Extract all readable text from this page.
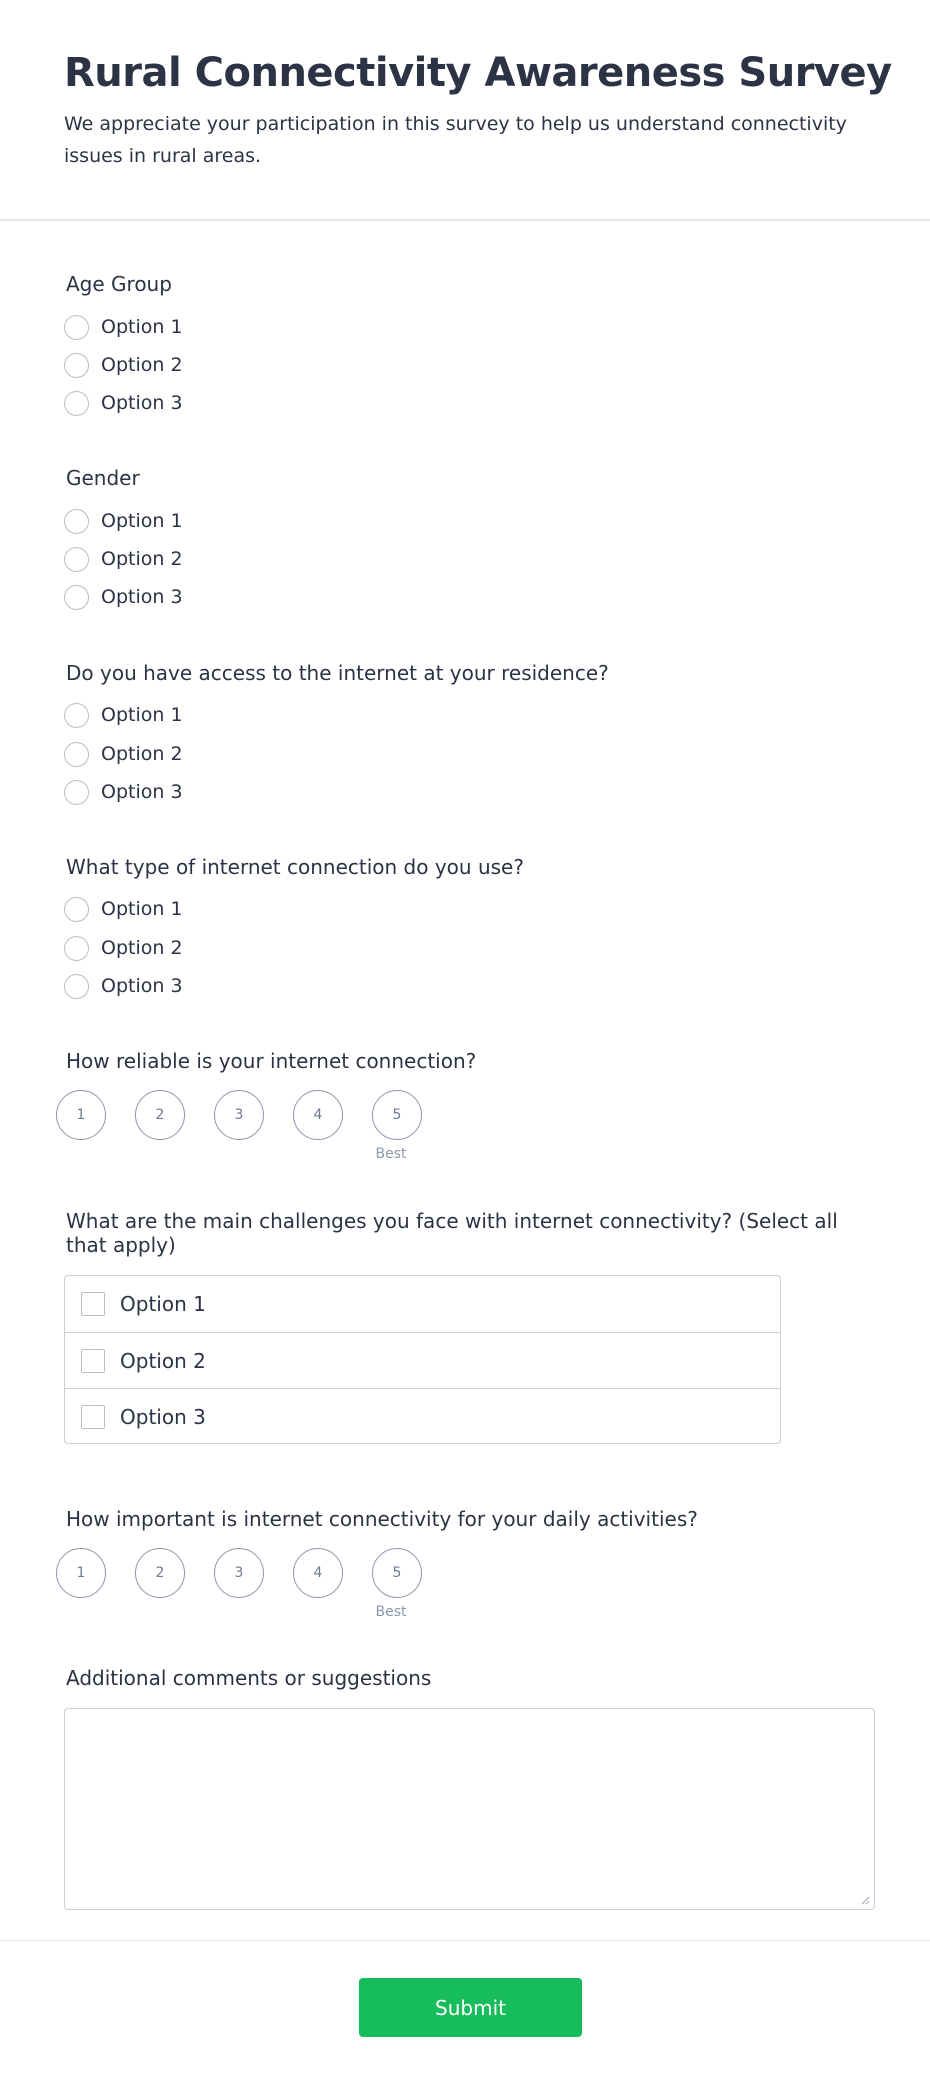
Rural Connectivity Awareness Survey
We appreciate your participation in this survey to help us understand connectivity issues in rural areas.
Age Group
Option 1
Option 2
Option 3
Gender
Option 1
Option 2
Option 3
Do you have access to the internet at your residence?
Option 1
Option 2
Option 3
What type of internet connection do you use?
Option 1
Option 2
Option 3
How reliable is your internet connection?
1	2	3	4	5
Best
What are the main challenges you face with internet connectivity? (Select all that apply)
Option 1
Option 2
Option 3
How important is internet connectivity for your daily activities?
1	2	3	4	5
Best
Additional comments or suggestions
Submit
